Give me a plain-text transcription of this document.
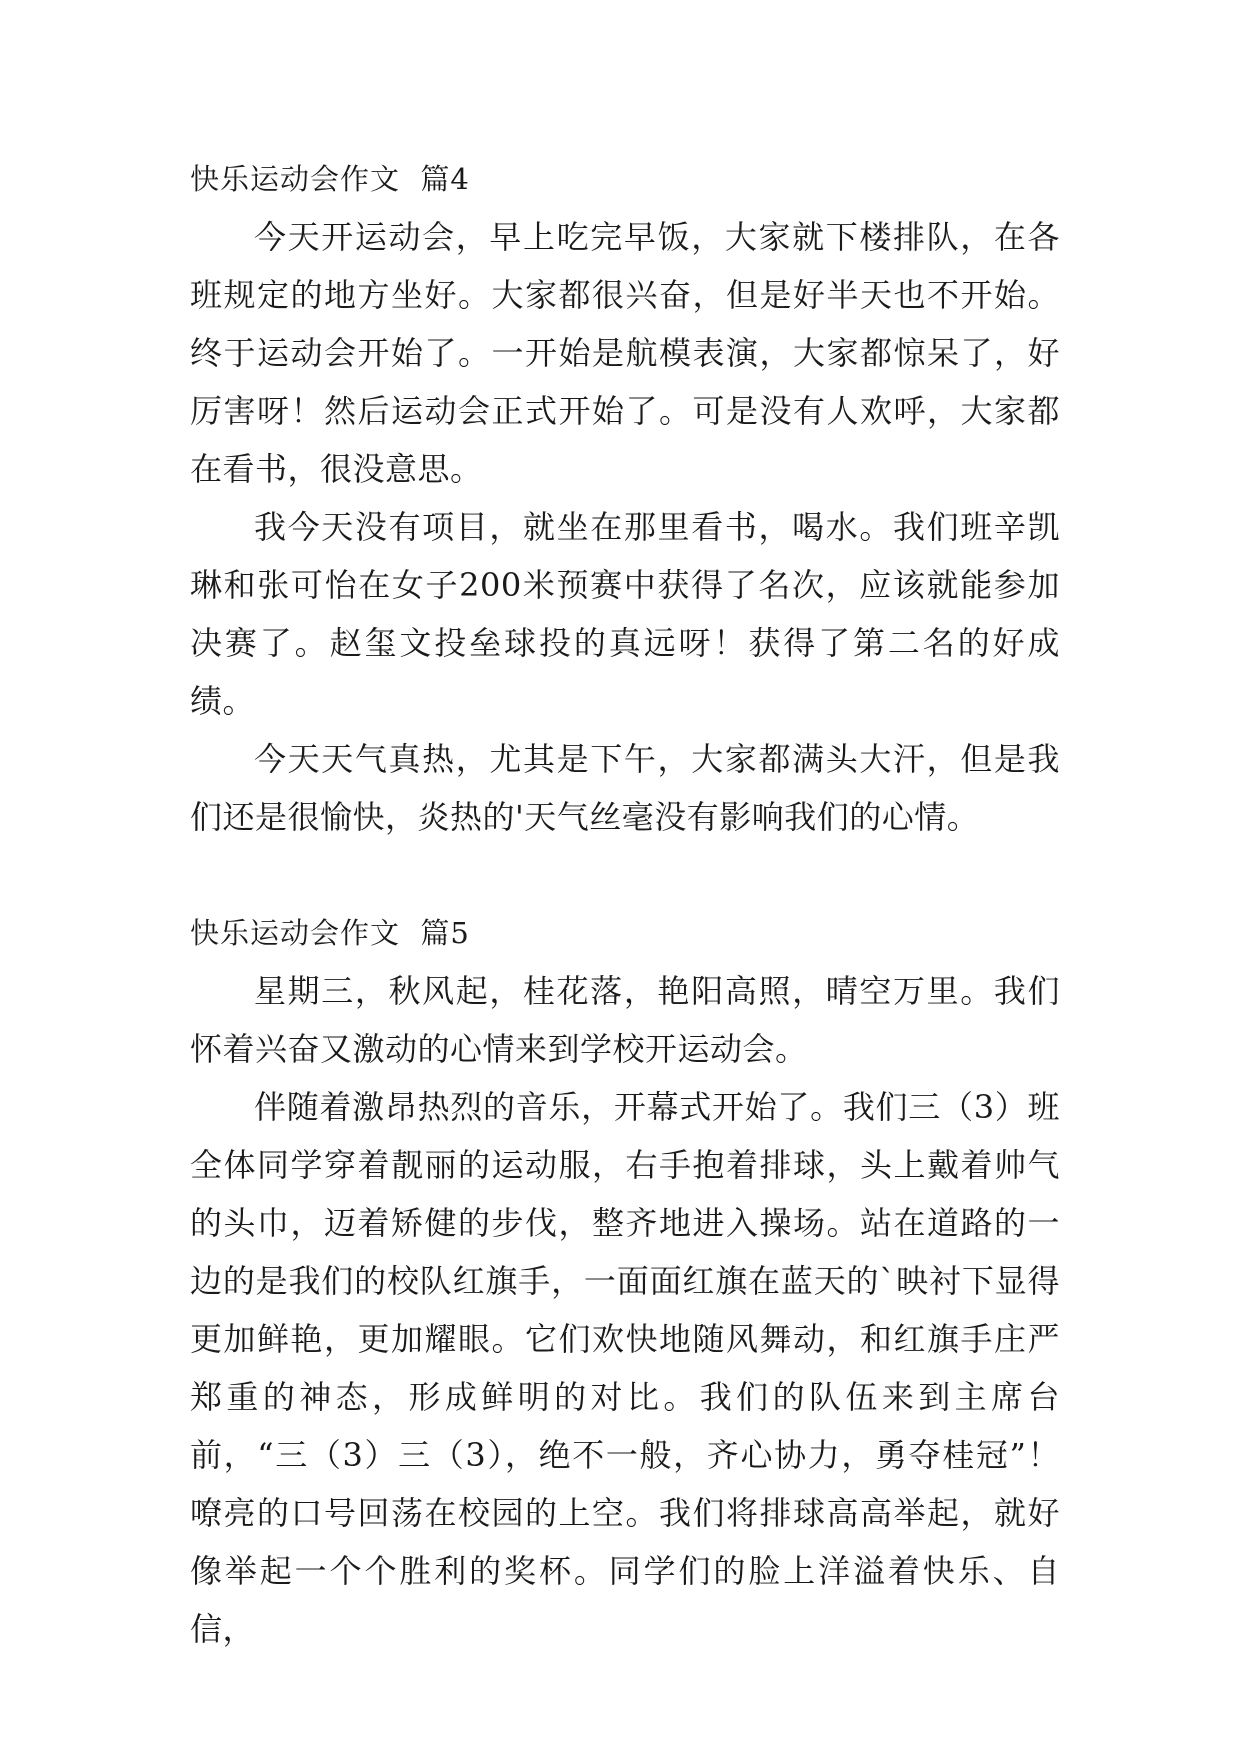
快乐运动会作文  篇4

今天开运动会，早上吃完早饭，大家就下楼排队，在各班规定的地方坐好。大家都很兴奋，但是好半天也不开始。终于运动会开始了。一开始是航模表演，大家都惊呆了，好厉害呀！然后运动会正式开始了。可是没有人欢呼，大家都在看书，很没意思。

我今天没有项目，就坐在那里看书，喝水。我们班辛凯琳和张可怡在女子200米预赛中获得了名次，应该就能参加决赛了。赵玺文投垒球投的真远呀！获得了第二名的好成绩。

今天天气真热，尤其是下午，大家都满头大汗，但是我们还是很愉快，炎热的'天气丝毫没有影响我们的心情。

快乐运动会作文  篇5

星期三，秋风起，桂花落，艳阳高照，晴空万里。我们怀着兴奋又激动的心情来到学校开运动会。

伴随着激昂热烈的音乐，开幕式开始了。我们三（3）班全体同学穿着靓丽的运动服，右手抱着排球，头上戴着帅气的头巾，迈着矫健的步伐，整齐地进入操场。站在道路的一边的是我们的校队红旗手，一面面红旗在蓝天的`映衬下显得更加鲜艳，更加耀眼。它们欢快地随风舞动，和红旗手庄严郑重的神态，形成鲜明的对比。我们的队伍来到主席台前，“三（3）三（3），绝不一般，齐心协力，勇夺桂冠”！嘹亮的口号回荡在校园的上空。我们将排球高高举起，就好像举起一个个胜利的奖杯。同学们的脸上洋溢着快乐、自信，
